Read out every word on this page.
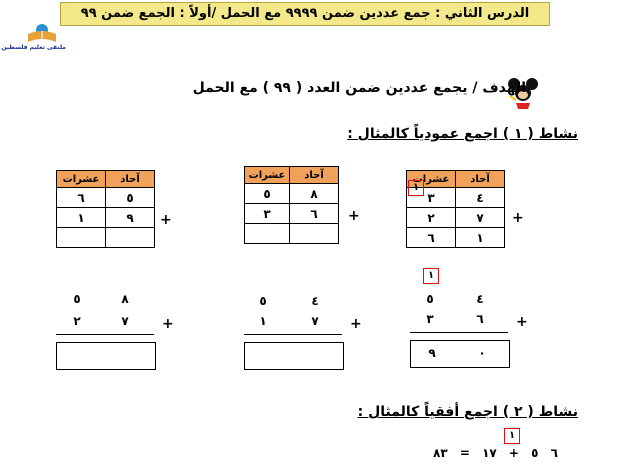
الدرس الثاني : جمع عددين ضمن ٩٩٩٩ مع الحمل /أولاً : الجمع ضمن ٩٩
ملتقى تعليم فلسطين
الهدف / يجمع عددين ضمن العدد ( ٩٩ ) مع الحمل
نشاط ( ١ ) اجمع عمودياً كالمثال :
عشرات	آحاد
٣	٤
٢	٧
٦	١
١
+
عشرات	آحاد
٥	٨
٣	٦
	+
عشرات	آحاد
٦	٥
١	٩
	+
١
٥	٤
٣	٦ +
٩	٠
٥	٤
١	٧ +
٥	٨
٢	٧ +
نشاط ( ٢ ) اجمع أفقياً كالمثال :
١
٦ ٥ + ١٧ = ٨٣
